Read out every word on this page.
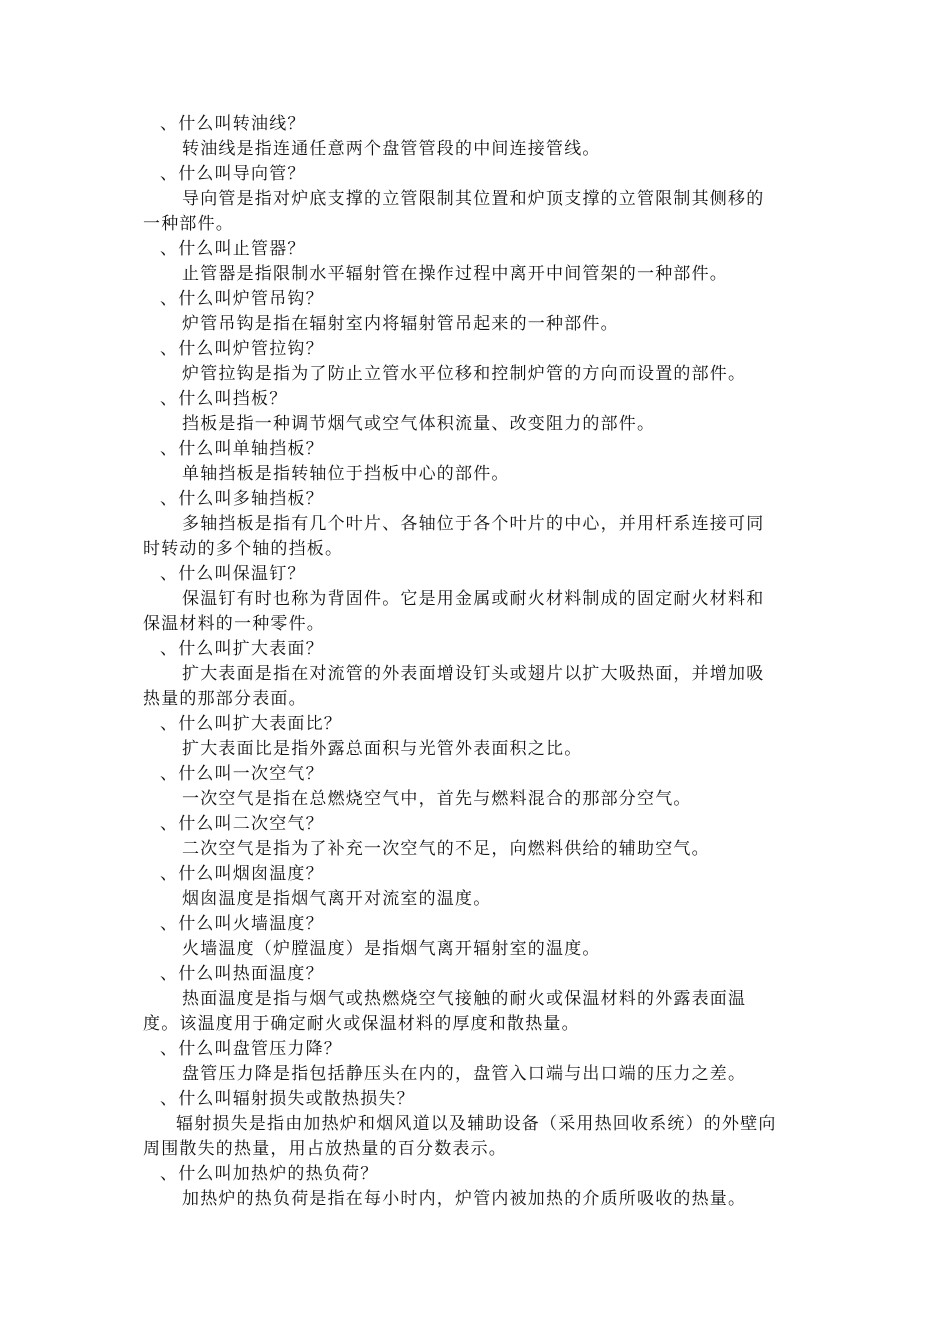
、什么叫转油线？
转油线是指连通任意两个盘管管段的中间连接管线。
、什么叫导向管？
导向管是指对炉底支撑的立管限制其位置和炉顶支撑的立管限制其侧移的
一种部件。
、什么叫止管器？
止管器是指限制水平辐射管在操作过程中离开中间管架的一种部件。
、什么叫炉管吊钩？
炉管吊钩是指在辐射室内将辐射管吊起来的一种部件。
、什么叫炉管拉钩？
炉管拉钩是指为了防止立管水平位移和控制炉管的方向而设置的部件。
、什么叫挡板？
挡板是指一种调节烟气或空气体积流量、改变阻力的部件。
、什么叫单轴挡板？
单轴挡板是指转轴位于挡板中心的部件。
、什么叫多轴挡板？
多轴挡板是指有几个叶片、各轴位于各个叶片的中心，并用杆系连接可同
时转动的多个轴的挡板。
、什么叫保温钉？
保温钉有时也称为背固件。它是用金属或耐火材料制成的固定耐火材料和
保温材料的一种零件。
、什么叫扩大表面？
扩大表面是指在对流管的外表面增设钉头或翅片以扩大吸热面，并增加吸
热量的那部分表面。
、什么叫扩大表面比？
扩大表面比是指外露总面积与光管外表面积之比。
、什么叫一次空气？
一次空气是指在总燃烧空气中，首先与燃料混合的那部分空气。
、什么叫二次空气？
二次空气是指为了补充一次空气的不足，向燃料供给的辅助空气。
、什么叫烟囱温度？
烟囱温度是指烟气离开对流室的温度。
、什么叫火墙温度？
火墙温度（炉膛温度）是指烟气离开辐射室的温度。
、什么叫热面温度？
热面温度是指与烟气或热燃烧空气接触的耐火或保温材料的外露表面温
度。该温度用于确定耐火或保温材料的厚度和散热量。
、什么叫盘管压力降？
盘管压力降是指包括静压头在内的，盘管入口端与出口端的压力之差。
、什么叫辐射损失或散热损失？
辐射损失是指由加热炉和烟风道以及辅助设备（采用热回收系统）的外壁向
周围散失的热量，用占放热量的百分数表示。
、什么叫加热炉的热负荷？
加热炉的热负荷是指在每小时内，炉管内被加热的介质所吸收的热量。
